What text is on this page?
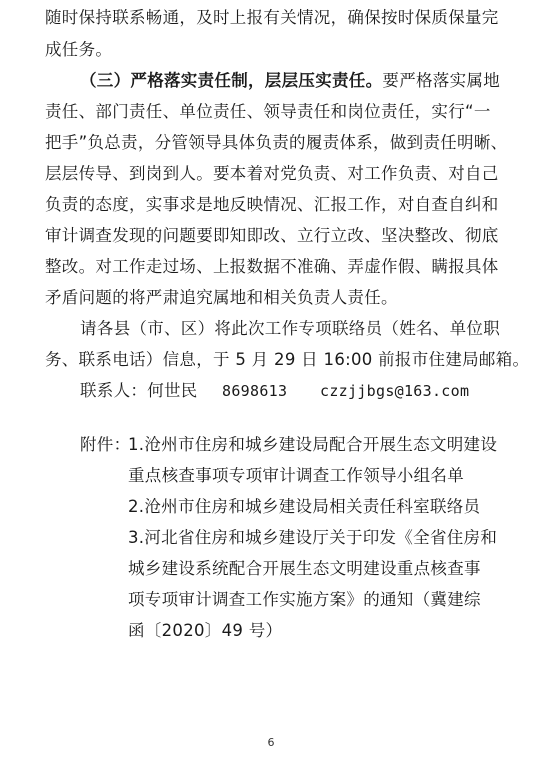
随时保持联系畅通，及时上报有关情况，确保按时保质保量完
成任务。
（三）严格落实责任制，层层压实责任。要严格落实属地
责任、部门责任、单位责任、领导责任和岗位责任，实行“一
把手”负总责，分管领导具体负责的履责体系，做到责任明晰、
层层传导、到岗到人。要本着对党负责、对工作负责、对自己
负责的态度，实事求是地反映情况、汇报工作，对自查自纠和
审计调查发现的问题要即知即改、立行立改、坚决整改、彻底
整改。对工作走过场、上报数据不准确、弄虚作假、瞒报具体
矛盾问题的将严肃追究属地和相关负责人责任。
请各县（市、区）将此次工作专项联络员（姓名、单位职
务、联系电话）信息，于 5 月 29 日 16:00 前报市住建局邮箱。
联系人：何世民 8698613 czzjjbgs@163.com
附件：
1.沧州市住房和城乡建设局配合开展生态文明建设
重点核查事项专项审计调查工作领导小组名单
2.沧州市住房和城乡建设局相关责任科室联络员
3.河北省住房和城乡建设厅关于印发《全省住房和
城乡建设系统配合开展生态文明建设重点核查事
项专项审计调查工作实施方案》的通知（冀建综
函〔2020〕49 号）
6
